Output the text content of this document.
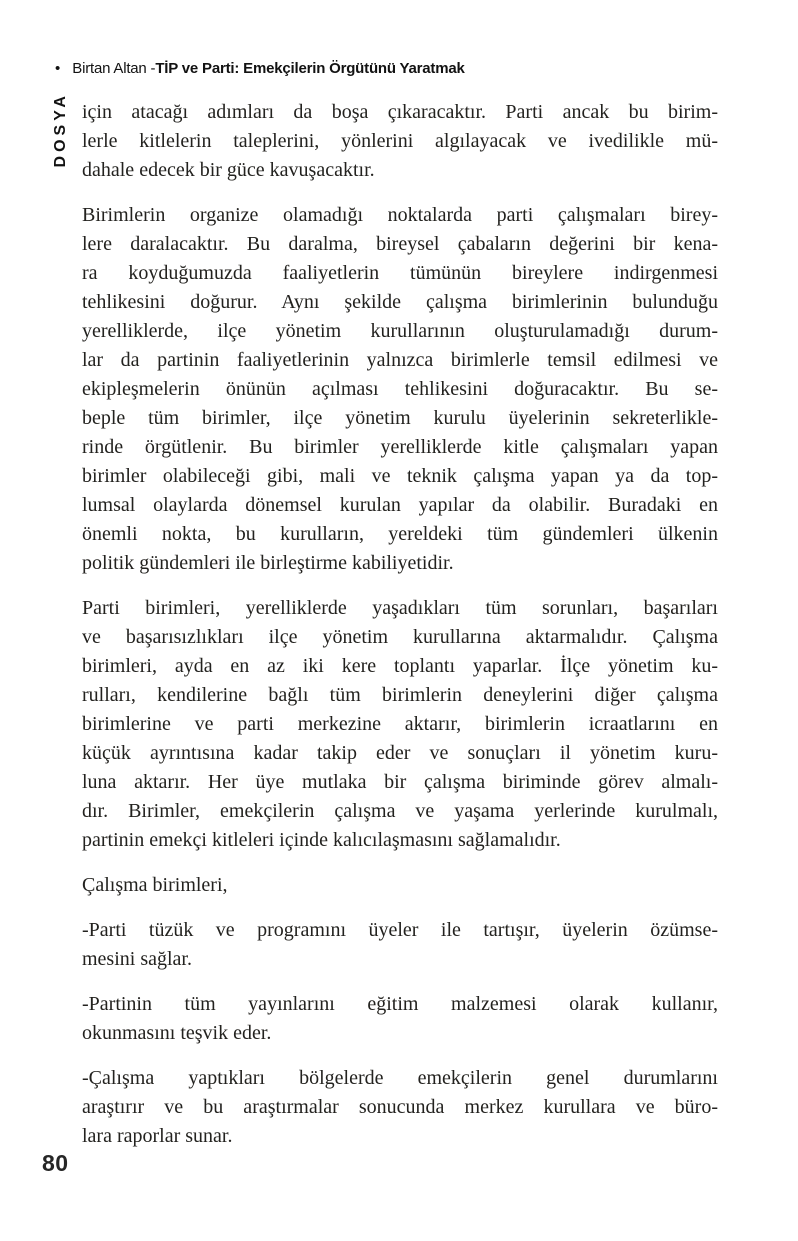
• Birtan Altan - TİP ve Parti: Emekçilerin Örgütünü Yaratmak
DOSYA için atacağı adımları da boşa çıkaracaktır. Parti ancak bu birim-
lerle kitlelerin taleplerini, yönlerini algılayacak ve ivedilikle mü-
dahale edecek bir güce kavuşacaktır.
Birimlerin organize olamadığı noktalarda parti çalışmaları birey-
lere daralacaktır. Bu daralma, bireysel çabaların değerini bir kena-
ra koyduğumuzda faaliyetlerin tümünün bireylere indirgenmesi
tehlikesini doğurur. Aynı şekilde çalışma birimlerinin bulunduğu
yerelliklerde, ilçe yönetim kurullarının oluşturulamadığı durum-
lar da partinin faaliyetlerinin yalnızca birimlerle temsil edilmesi ve
ekipleşmelerin önünün açılması tehlikesini doğuracaktır. Bu se-
beple tüm birimler, ilçe yönetim kurulu üyelerinin sekreterlikle-
rinde örgütlenir. Bu birimler yerelliklerde kitle çalışmaları yapan
birimler olabileceği gibi, mali ve teknik çalışma yapan ya da top-
lumsal olaylarda dönemsel kurulan yapılar da olabilir. Buradaki en
önemli nokta, bu kurulların, yereldeki tüm gündemleri ülkenin
politik gündemleri ile birleştirme kabiliyetidir.
Parti birimleri, yerelliklerde yaşadıkları tüm sorunları, başarıları
ve başarısızlıkları ilçe yönetim kurullarına aktarmalıdır. Çalışma
birimleri, ayda en az iki kere toplantı yaparlar. İlçe yönetim ku-
rulları, kendilerine bağlı tüm birimlerin deneylerini diğer çalışma
birimlerine ve parti merkezine aktarır, birimlerin icraatlarını en
küçük ayrıntısına kadar takip eder ve sonuçları il yönetim kuru-
luna aktarır. Her üye mutlaka bir çalışma biriminde görev almalı-
dır. Birimler, emekçilerin çalışma ve yaşama yerlerinde kurulmalı,
partinin emekçi kitleleri içinde kalıcılaşmasını sağlamalıdır.
Çalışma birimleri,
-Parti tüzük ve programını üyeler ile tartışır, üyelerin özümse-
mesini sağlar.
-Partinin tüm yayınlarını eğitim malzemesi olarak kullanır,
okunmasını teşvik eder.
-Çalışma yaptıkları bölgelerde emekçilerin genel durumlarını
araştırır ve bu araştırmalar sonucunda merkez kurullara ve büro-
lara raporlar sunar.
80
